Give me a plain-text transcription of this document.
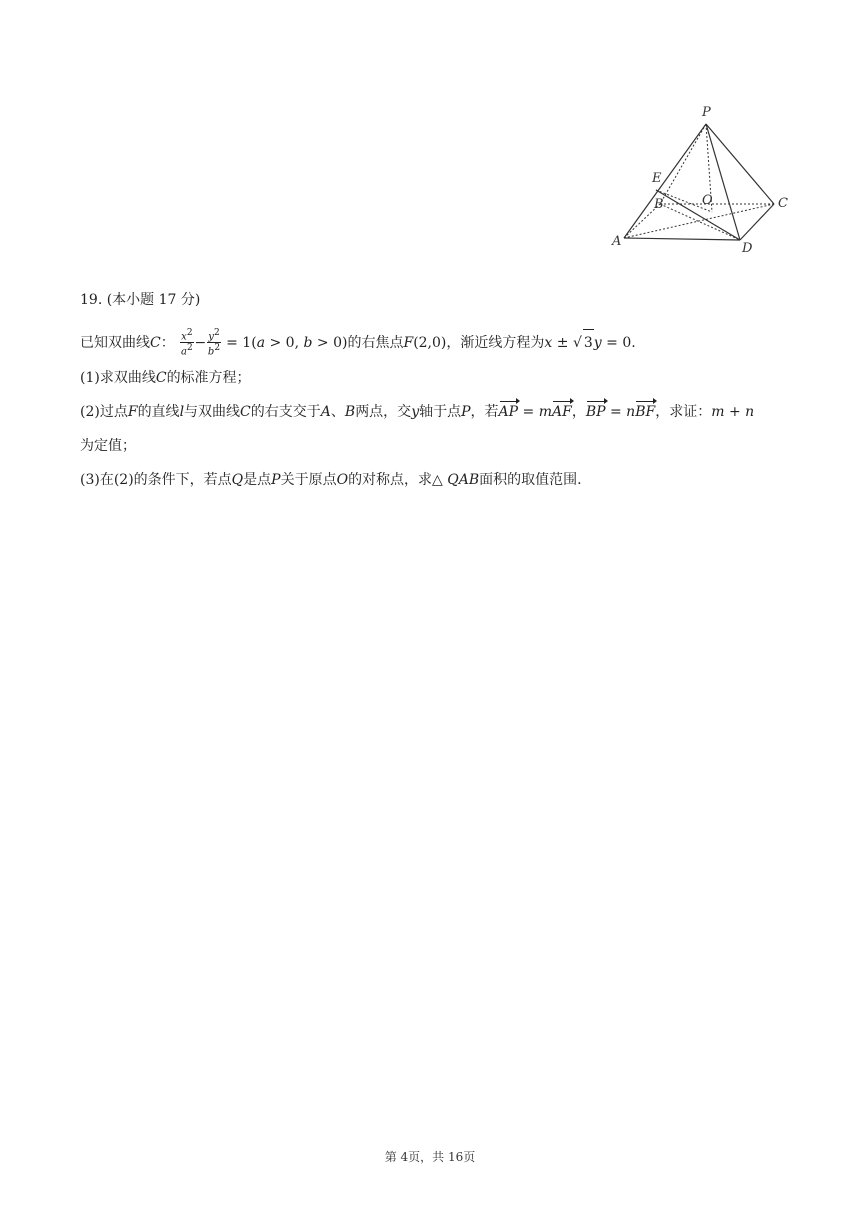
P
E
B	O	C
A	D
19. (本小题 17 分)
已知双曲线C： $\frac{x^2}{a^2} - \frac{y^2}{b^2} = 1(a > 0$, b > 0)的右焦点F(2,0)，渐近线方程为x ± √ 3y = 0.
(1)求双曲线C的标准方程；
(2)过点F的直线l与双曲线C的右支交于A、B两点，交y轴于点P，若AP = mAF，BP = nBF，求证：m + n
为定值；
(3)在(2)的条件下，若点Q是点P关于原点O的对称点，求△ QAB面积的取值范围.
第 4页，共 16页
